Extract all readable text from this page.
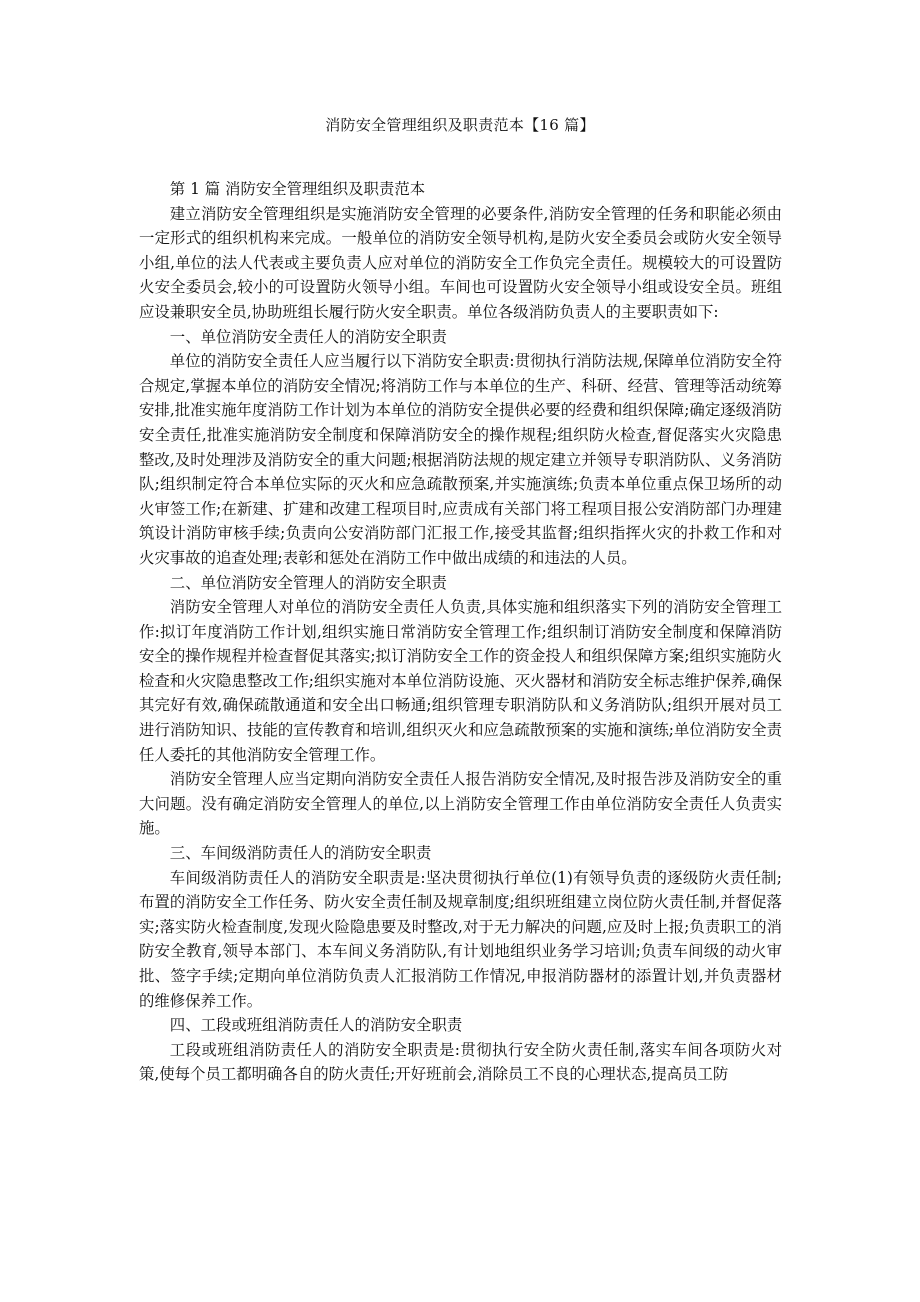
消防安全管理组织及职责范本【16 篇】

第 1 篇 消防安全管理组织及职责范本

建立消防安全管理组织是实施消防安全管理的必要条件,消防安全管理的任务和职能必须由一定形式的组织机构来完成。一般单位的消防安全领导机构,是防火安全委员会或防火安全领导小组,单位的法人代表或主要负责人应对单位的消防安全工作负完全责任。规模较大的可设置防火安全委员会,较小的可设置防火领导小组。车间也可设置防火安全领导小组或设安全员。班组应设兼职安全员,协助班组长履行防火安全职责。单位各级消防负责人的主要职责如下:

一、单位消防安全责任人的消防安全职责

单位的消防安全责任人应当履行以下消防安全职责:贯彻执行消防法规,保障单位消防安全符合规定,掌握本单位的消防安全情况;将消防工作与本单位的生产、科研、经营、管理等活动统筹安排,批准实施年度消防工作计划为本单位的消防安全提供必要的经费和组织保障;确定逐级消防安全责任,批准实施消防安全制度和保障消防安全的操作规程;组织防火检查,督促落实火灾隐患整改,及时处理涉及消防安全的重大问题;根据消防法规的规定建立并领导专职消防队、义务消防队;组织制定符合本单位实际的灭火和应急疏散预案,并实施演练;负责本单位重点保卫场所的动火审签工作;在新建、扩建和改建工程项目时,应责成有关部门将工程项目报公安消防部门办理建筑设计消防审核手续;负责向公安消防部门汇报工作,接受其监督;组织指挥火灾的扑救工作和对火灾事故的追查处理;表彰和惩处在消防工作中做出成绩的和违法的人员。

二、单位消防安全管理人的消防安全职责

消防安全管理人对单位的消防安全责任人负责,具体实施和组织落实下列的消防安全管理工作:拟订年度消防工作计划,组织实施日常消防安全管理工作;组织制订消防安全制度和保障消防安全的操作规程并检查督促其落实;拟订消防安全工作的资金投人和组织保障方案;组织实施防火检查和火灾隐患整改工作;组织实施对本单位消防设施、灭火器材和消防安全标志维护保养,确保其完好有效,确保疏散通道和安全出口畅通;组织管理专职消防队和义务消防队;组织开展对员工进行消防知识、技能的宣传教育和培训,组织灭火和应急疏散预案的实施和演练;单位消防安全责任人委托的其他消防安全管理工作。

消防安全管理人应当定期向消防安全责任人报告消防安全情况,及时报告涉及消防安全的重大问题。没有确定消防安全管理人的单位,以上消防安全管理工作由单位消防安全责任人负责实施。

三、车间级消防责任人的消防安全职责

车间级消防责任人的消防安全职责是:坚决贯彻执行单位(1)有领导负责的逐级防火责任制;布置的消防安全工作任务、防火安全责任制及规章制度;组织班组建立岗位防火责任制,并督促落实;落实防火检查制度,发现火险隐患要及时整改,对于无力解决的问题,应及时上报;负责职工的消防安全教育,领导本部门、本车间义务消防队,有计划地组织业务学习培训;负责车间级的动火审批、签字手续;定期向单位消防负责人汇报消防工作情况,申报消防器材的添置计划,并负责器材的维修保养工作。

四、工段或班组消防责任人的消防安全职责

工段或班组消防责任人的消防安全职责是:贯彻执行安全防火责任制,落实车间各项防火对策,使每个员工都明确各自的防火责任;开好班前会,消除员工不良的心理状态,提高员工防
